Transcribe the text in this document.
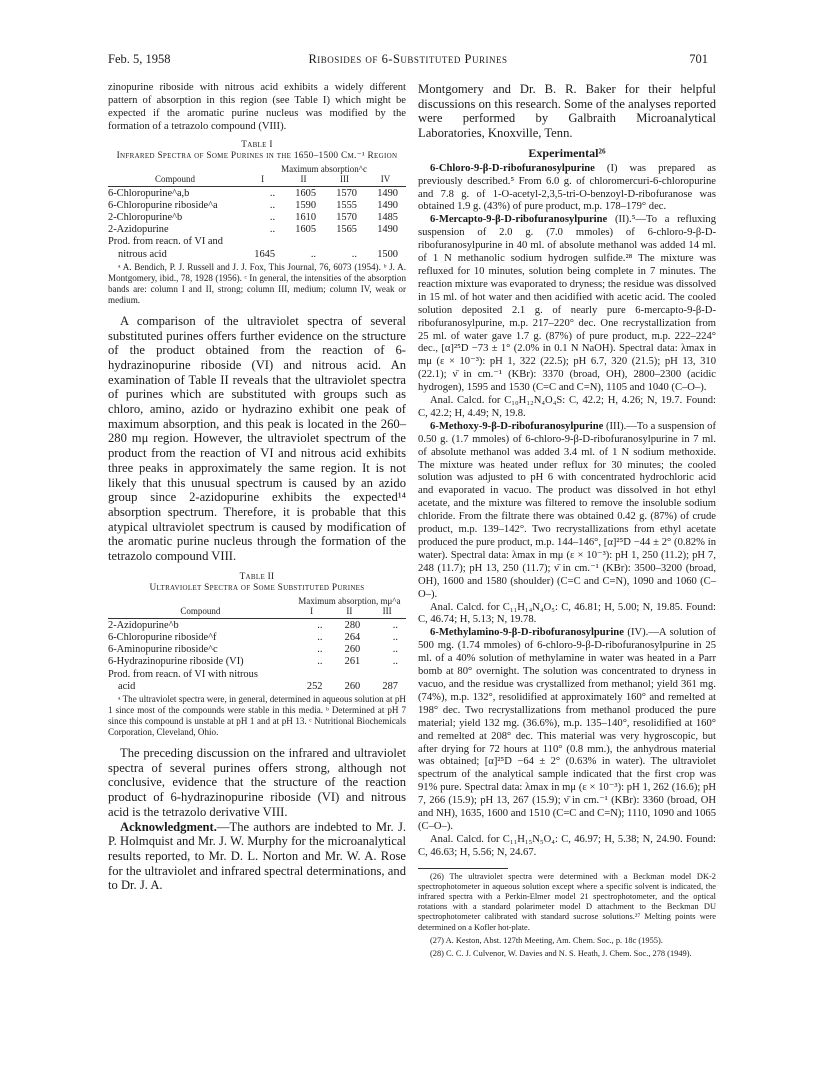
Feb. 5, 1958	Ribosides of 6-Substituted Purines	701

zinopurine riboside with nitrous acid exhibits a widely different pattern of absorption in this region (see Table I) which might be expected if the aromatic purine nucleus was modified by the formation of a tetrazolo compound (VIII).

Table I
Infrared Spectra of Some Purines in the 1650–1500 Cm.⁻¹ Region
	Maximum absorption^c			
Compound	I	II	III	IV

6-Chloropurine^a,b	..	1605	1570	1490
6-Chloropurine riboside^a	..	1590	1555	1490
2-Chloropurine^b	..	1610	1570	1485
2-Azidopurine	..	1605	1565	1490
Prod. from reacn. of VI and				
nitrous acid	1645	..	..	1500

ᵃ A. Bendich, P. J. Russell and J. J. Fox, This Journal, 76, 6073 (1954). ᵇ J. A. Montgomery, ibid., 78, 1928 (1956). ᶜ In general, the intensities of the absorption bands are: column I and II, strong; column III, medium; column IV, weak or medium.

A comparison of the ultraviolet spectra of several substituted purines offers further evidence on the structure of the product obtained from the reaction of 6-hydrazinopurine riboside (VI) and nitrous acid. An examination of Table II reveals that the ultraviolet spectra of purines which are substituted with groups such as chloro, amino, azido or hydrazino exhibit one peak of maximum absorption, and this peak is located in the 260–280 mμ region. However, the ultraviolet spectrum of the product from the reaction of VI and nitrous acid exhibits three peaks in approximately the same region. It is not likely that this unusual spectrum is caused by an azido group since 2-azidopurine exhibits the expected¹⁴ absorption spectrum. Therefore, it is probable that this atypical ultraviolet spectrum is caused by modification of the aromatic purine nucleus through the formation of the tetrazolo compound VIII.

Table II
Ultraviolet Spectra of Some Substituted Purines
	Maximum absorption, mμ^a		
Compound	I	II	III

2-Azidopurine^b	..	280	..
6-Chloropurine riboside^f	..	264	..
6-Aminopurine riboside^c	..	260	..
6-Hydrazinopurine riboside (VI)	..	261	..
Prod. from reacn. of VI with nitrous			
acid	252	260	287

ᵃ The ultraviolet spectra were, in general, determined in aqueous solution at pH 1 since most of the compounds were stable in this media. ᵇ Determined at pH 7 since this compound is unstable at pH 1 and at pH 13. ᶜ Nutritional Biochemicals Corporation, Cleveland, Ohio.

The preceding discussion on the infrared and ultraviolet spectra of several purines offers strong, although not conclusive, evidence that the structure of the reaction product of 6-hydrazinopurine riboside (VI) and nitrous acid is the tetrazolo derivative VIII.

Acknowledgment.—The authors are indebted to Mr. J. P. Holmquist and Mr. J. W. Murphy for the microanalytical results reported, to Mr. D. L. Norton and Mr. W. A. Rose for the ultraviolet and infrared spectral determinations, and to Dr. J. A.

Montgomery and Dr. B. R. Baker for their helpful discussions on this research. Some of the analyses reported were performed by Galbraith Microanalytical Laboratories, Knoxville, Tenn.

Experimental²⁶

6-Chloro-9-β-D-ribofuranosylpurine (I) was prepared as previously described.⁵ From 6.0 g. of chloromercuri-6-chloropurine and 7.8 g. of 1-O-acetyl-2,3,5-tri-O-benzoyl-D-ribofuranose was obtained 1.9 g. (43%) of pure product, m.p. 178–179° dec.

6-Mercapto-9-β-D-ribofuranosylpurine (II).⁵—To a refluxing suspension of 2.0 g. (7.0 mmoles) of 6-chloro-9-β-D-ribofuranosylpurine in 40 ml. of absolute methanol was added 14 ml. of 1 N methanolic sodium hydrogen sulfide.²⁸ The mixture was refluxed for 10 minutes, solution being complete in 7 minutes. The reaction mixture was evaporated to dryness; the residue was dissolved in 15 ml. of hot water and then acidified with acetic acid. The cooled solution deposited 2.1 g. of nearly pure 6-mercapto-9-β-D-ribofuranosylpurine, m.p. 217–220° dec. One recrystallization from 25 ml. of water gave 1.7 g. (87%) of pure product, m.p. 222–224° dec., [α]²⁵D −73 ± 1° (2.0% in 0.1 N NaOH). Spectral data: λmax in mμ (ε × 10⁻³): pH 1, 322 (22.5); pH 6.7, 320 (21.5); pH 13, 310 (22.1); ν̄ in cm.⁻¹ (KBr): 3370 (broad, OH), 2800–2300 (acidic hydrogen), 1595 and 1530 (C=C and C=N), 1105 and 1040 (C–O–).

Anal. Calcd. for C₁₀H₁₂N₄O₄S: C, 42.2; H, 4.26; N, 19.7. Found: C, 42.2; H, 4.49; N, 19.8.

6-Methoxy-9-β-D-ribofuranosylpurine (III).—To a suspension of 0.50 g. (1.7 mmoles) of 6-chloro-9-β-D-ribofuranosylpurine in 7 ml. of absolute methanol was added 3.4 ml. of 1 N sodium methoxide. The mixture was heated under reflux for 30 minutes; the cooled solution was adjusted to pH 6 with concentrated hydrochloric acid and evaporated in vacuo. The product was dissolved in hot ethyl acetate, and the mixture was filtered to remove the insoluble sodium chloride. From the filtrate there was obtained 0.42 g. (87%) of crude product, m.p. 139–142°. Two recrystallizations from ethyl acetate produced the pure product, m.p. 144–146°, [α]²⁵D −44 ± 2° (0.82% in water). Spectral data: λmax in mμ (ε × 10⁻³): pH 1, 250 (11.2); pH 7, 248 (11.7); pH 13, 250 (11.7); ν̄ in cm.⁻¹ (KBr): 3500–3200 (broad, OH), 1600 and 1580 (shoulder) (C=C and C=N), 1090 and 1060 (C–O–).

Anal. Calcd. for C₁₁H₁₄N₄O₅: C, 46.81; H, 5.00; N, 19.85. Found: C, 46.74; H, 5.13; N, 19.78.

6-Methylamino-9-β-D-ribofuranosylpurine (IV).—A solution of 500 mg. (1.74 mmoles) of 6-chloro-9-β-D-ribofuranosylpurine in 25 ml. of a 40% solution of methylamine in water was heated in a Parr bomb at 80° overnight. The solution was concentrated to dryness in vacuo, and the residue was crystallized from methanol; yield 361 mg. (74%), m.p. 132°, resolidified at approximately 160° and remelted at 198° dec. Two recrystallizations from methanol produced the pure material; yield 132 mg. (36.6%), m.p. 135–140°, resolidified at 160° and remelted at 208° dec. This material was very hygroscopic, but after drying for 72 hours at 110° (0.8 mm.), the anhydrous material was obtained; [α]²⁵D −64 ± 2° (0.63% in water). The ultraviolet spectrum of the analytical sample indicated that the first crop was 91% pure. Spectral data: λmax in mμ (ε × 10⁻³): pH 1, 262 (16.6); pH 7, 266 (15.9); pH 13, 267 (15.9); ν̄ in cm.⁻¹ (KBr): 3360 (broad, OH and NH), 1635, 1600 and 1510 (C=C and C=N); 1110, 1090 and 1065 (C–O–).

Anal. Calcd. for C₁₁H₁₅N₅O₄: C, 46.97; H, 5.38; N, 24.90. Found: C, 46.63; H, 5.56; N, 24.67.

(26) The ultraviolet spectra were determined with a Beckman model DK-2 spectrophotometer in aqueous solution except where a specific solvent is indicated, the infrared spectra with a Perkin-Elmer model 21 spectrophotometer, and the optical rotations with a standard polarimeter model D attachment to the Beckman DU spectrophotometer calibrated with standard sucrose solutions.²⁷ Melting points were determined on a Kofler hot-plate.

(27) A. Keston, Abst. 127th Meeting, Am. Chem. Soc., p. 18c (1955).

(28) C. C. J. Culvenor, W. Davies and N. S. Heath, J. Chem. Soc., 278 (1949).
